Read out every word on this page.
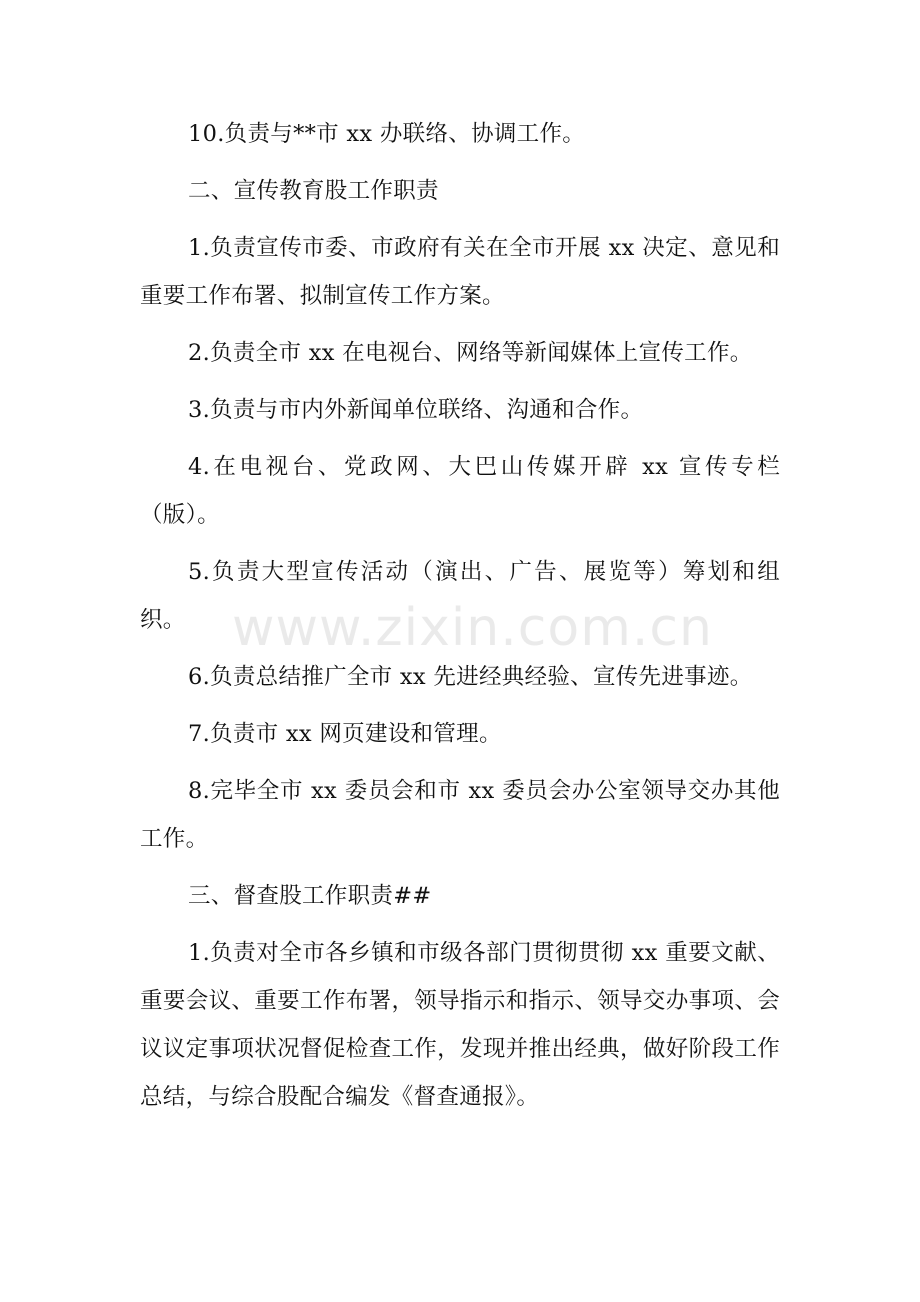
10.负责与**市 xx 办联络、协调工作。

二、宣传教育股工作职责

1.负责宣传市委、市政府有关在全市开展 xx 决定、意见和重要工作布署、拟制宣传工作方案。

2.负责全市 xx 在电视台、网络等新闻媒体上宣传工作。

3.负责与市内外新闻单位联络、沟通和合作。

4.在电视台、党政网、大巴山传媒开辟 xx 宣传专栏（版）。

5.负责大型宣传活动（演出、广告、展览等）筹划和组织。

6.负责总结推广全市 xx 先进经典经验、宣传先进事迹。

7.负责市 xx 网页建设和管理。

8.完毕全市 xx 委员会和市 xx 委员会办公室领导交办其他工作。

三、督查股工作职责##

1.负责对全市各乡镇和市级各部门贯彻贯彻 xx 重要文献、重要会议、重要工作布署，领导指示和指示、领导交办事项、会议议定事项状况督促检查工作，发现并推出经典，做好阶段工作总结，与综合股配合编发《督查通报》。

www.zixin.com.cn
